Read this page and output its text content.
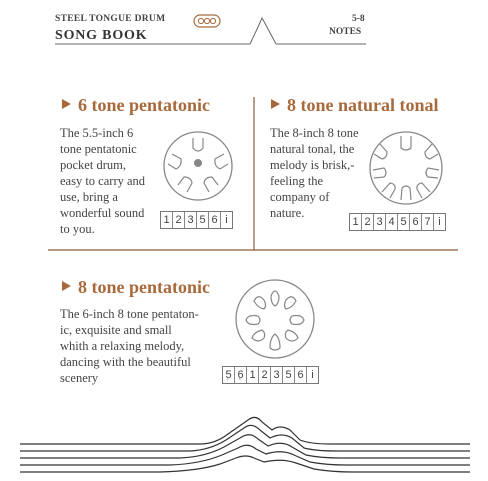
STEEL TONGUE DRUM
SONG BOOK
5-8
NOTES
6 tone pentatonic
The 5.5-inch 6
tone pentatonic
pocket drum,
easy to carry and
use, bring a
wonderful sound
to you.
1 2 3 5 6 i
8 tone natural tonal
The 8-inch 8 tone
natural tonal, the
melody is brisk,-
feeling the
company of
nature.
1 2 3 4 5 6 7 i
8 tone pentatonic
The 6-inch 8 tone pentaton-
ic, exquisite and small
whith a relaxing melody,
dancing with the beautiful
scenery	5̣ 6̣ 1 2 3 5 6 i
